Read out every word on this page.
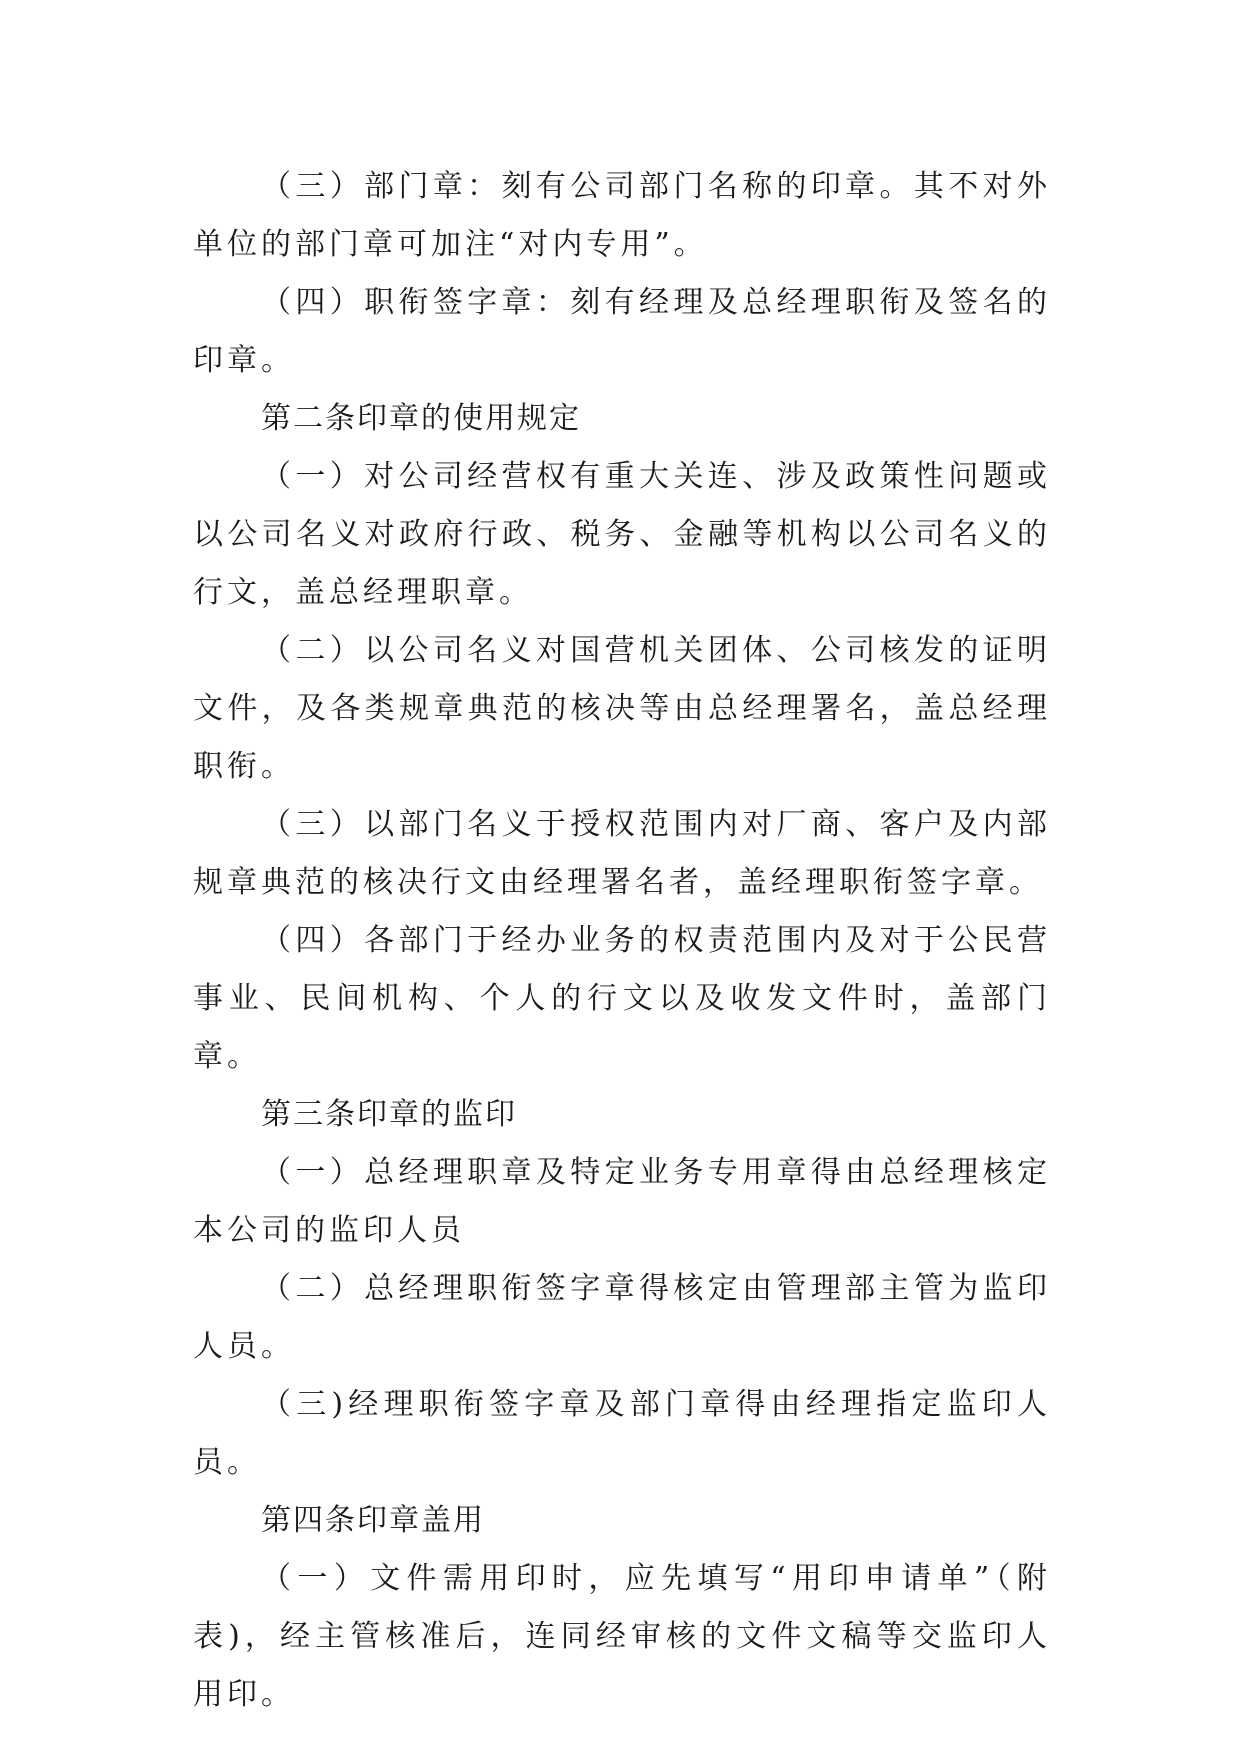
（三）部门章：刻有公司部门名称的印章。其不对外单位的部门章可加注“对内专用”。

（四）职衔签字章：刻有经理及总经理职衔及签名的印章。

第二条印章的使用规定

（一）对公司经营权有重大关连、涉及政策性问题或以公司名义对政府行政、税务、金融等机构以公司名义的行文，盖总经理职章。

（二）以公司名义对国营机关团体、公司核发的证明文件，及各类规章典范的核决等由总经理署名，盖总经理职衔。

（三）以部门名义于授权范围内对厂商、客户及内部规章典范的核决行文由经理署名者，盖经理职衔签字章。

（四）各部门于经办业务的权责范围内及对于公民营事业、民间机构、个人的行文以及收发文件时，盖部门章。

第三条印章的监印

（一）总经理职章及特定业务专用章得由总经理核定本公司的监印人员

（二）总经理职衔签字章得核定由管理部主管为监印人员。

（三)经理职衔签字章及部门章得由经理指定监印人员。

第四条印章盖用

（一）文件需用印时，应先填写“用印申请单”（附表)，经主管核准后，连同经审核的文件文稿等交监印人用印。
